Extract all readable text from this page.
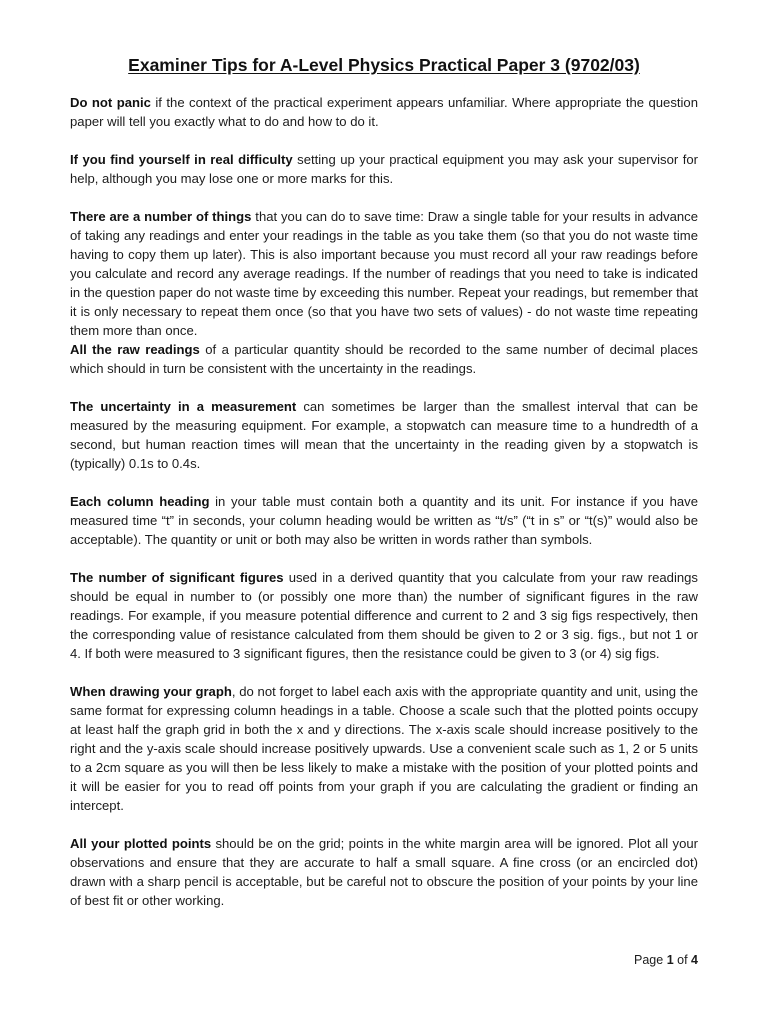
Examiner Tips for A-Level Physics Practical Paper 3 (9702/03)

Do not panic if the context of the practical experiment appears unfamiliar. Where appropriate the question paper will tell you exactly what to do and how to do it.

If you find yourself in real difficulty setting up your practical equipment you may ask your supervisor for help, although you may lose one or more marks for this.

There are a number of things that you can do to save time: Draw a single table for your results in advance of taking any readings and enter your readings in the table as you take them (so that you do not waste time having to copy them up later). This is also important because you must record all your raw readings before you calculate and record any average readings. If the number of readings that you need to take is indicated in the question paper do not waste time by exceeding this number. Repeat your readings, but remember that it is only necessary to repeat them once (so that you have two sets of values) - do not waste time repeating them more than once.

All the raw readings of a particular quantity should be recorded to the same number of decimal places which should in turn be consistent with the uncertainty in the readings.

The uncertainty in a measurement can sometimes be larger than the smallest interval that can be measured by the measuring equipment. For example, a stopwatch can measure time to a hundredth of a second, but human reaction times will mean that the uncertainty in the reading given by a stopwatch is (typically) 0.1s to 0.4s.

Each column heading in your table must contain both a quantity and its unit. For instance if you have measured time “t” in seconds, your column heading would be written as “t/s” (“t in s” or “t(s)” would also be acceptable). The quantity or unit or both may also be written in words rather than symbols.

The number of significant figures used in a derived quantity that you calculate from your raw readings should be equal in number to (or possibly one more than) the number of significant figures in the raw readings. For example, if you measure potential difference and current to 2 and 3 sig figs respectively, then the corresponding value of resistance calculated from them should be given to 2 or 3 sig. figs., but not 1 or 4. If both were measured to 3 significant figures, then the resistance could be given to 3 (or 4) sig figs.

When drawing your graph, do not forget to label each axis with the appropriate quantity and unit, using the same format for expressing column headings in a table. Choose a scale such that the plotted points occupy at least half the graph grid in both the x and y directions. The x-axis scale should increase positively to the right and the y-axis scale should increase positively upwards. Use a convenient scale such as 1, 2 or 5 units to a 2cm square as you will then be less likely to make a mistake with the position of your plotted points and it will be easier for you to read off points from your graph if you are calculating the gradient or finding an intercept.

All your plotted points should be on the grid; points in the white margin area will be ignored. Plot all your observations and ensure that they are accurate to half a small square. A fine cross (or an encircled dot) drawn with a sharp pencil is acceptable, but be careful not to obscure the position of your points by your line of best fit or other working.

Page 1 of 4
